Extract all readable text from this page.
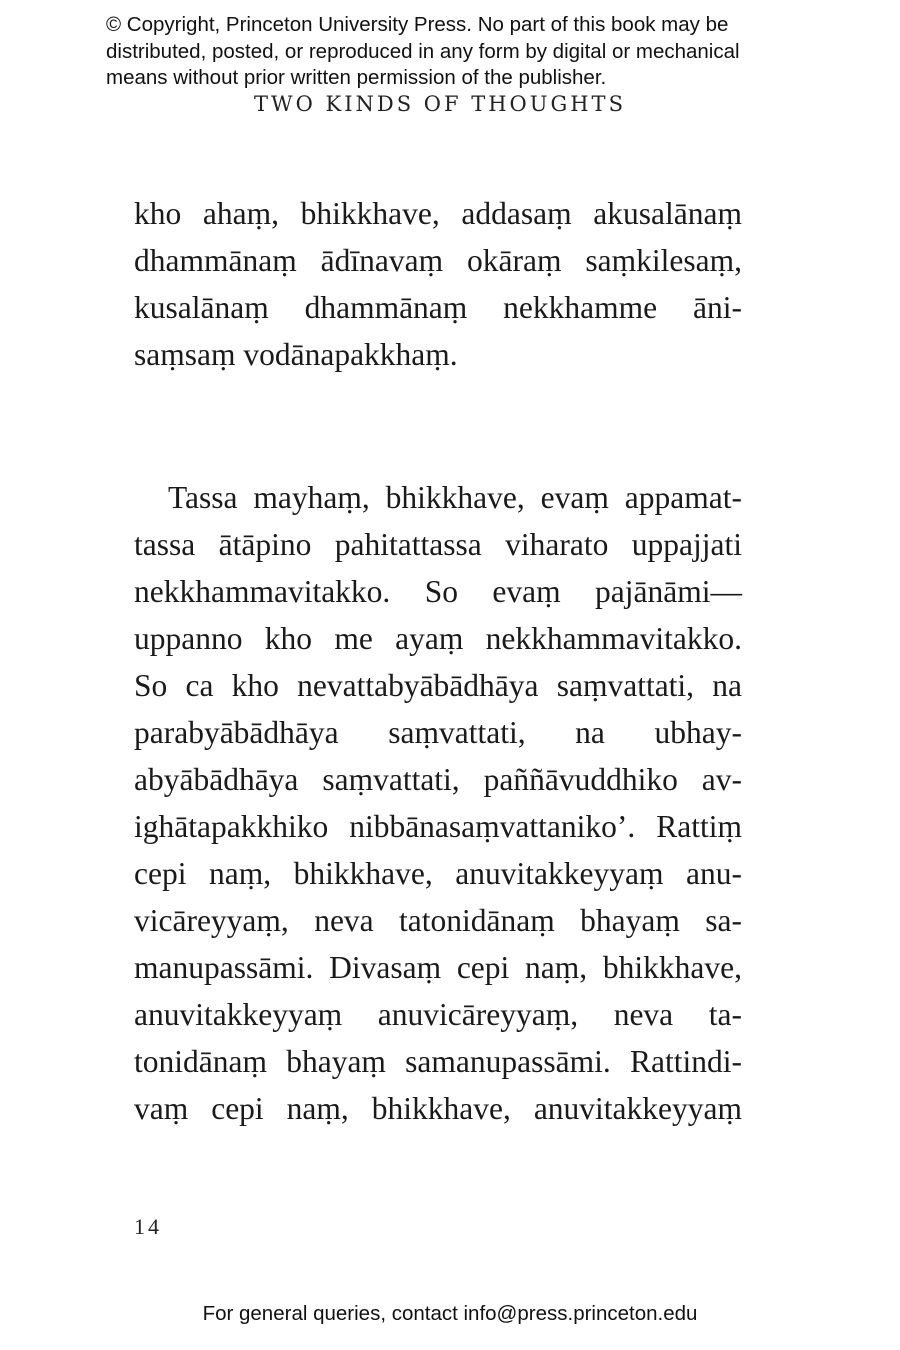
© Copyright, Princeton University Press. No part of this book may be
distributed, posted, or reproduced in any form by digital or mechanical
means without prior written permission of the publisher.
TWO KINDS OF THOUGHTS
kho ahaṃ, bhikkhave, addasaṃ akusalānaṃ
dhammānaṃ ādīnavaṃ okāraṃ saṃkilesaṃ,
kusalānaṃ dhammānaṃ nekkhamme āni-
saṃsaṃ vodānapakkhaṃ.
Tassa mayhaṃ, bhikkhave, evaṃ appamat-
tassa ātāpino pahitattassa viharato uppajjati
nekkhammavitakko. So evaṃ pajānāmi—
uppanno kho me ayaṃ nekkhammavitakko.
So ca kho nevattabyābādhāya saṃvattati, na
parabyābādhāya saṃvattati, na ubhay-
abyābādhāya saṃvattati, paññāvuddhiko av-
ighātapakkhiko nibbānasaṃvattaniko’. Rattiṃ
cepi naṃ, bhikkhave, anuvitakkeyyaṃ anu-
vicāreyyaṃ, neva tatonidānaṃ bhayaṃ sa-
manupassāmi. Divasaṃ cepi naṃ, bhikkhave,
anuvitakkeyyaṃ anuvicāreyyaṃ, neva ta-
tonidānaṃ bhayaṃ samanupassāmi. Rattindi-
vaṃ cepi naṃ, bhikkhave, anuvitakkeyyaṃ
14
For general queries, contact info@press.princeton.edu
